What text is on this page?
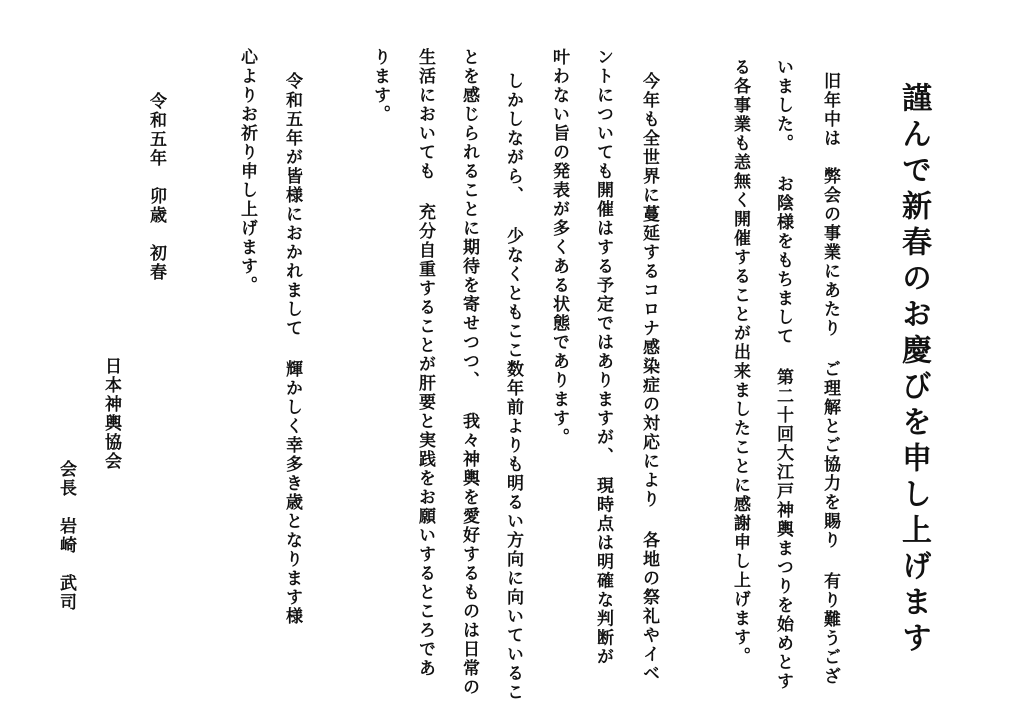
謹んで新春のお慶びを申し上げます

旧年中は　弊会の事業にあたり ご理解とご協力を賜り 有り難うござ

いました。 お陰様をもちまして 第二十回大江戸神輿まつりを始めとす

る各事業も恙無く開催することが出来ましたことに感謝申し上げます。

今年も全世界に蔓延するコロナ感染症の対応により 各地の祭礼やイベ

ントについても開催はする予定ではありますが、　現時点は明確な判断が

叶わない旨の発表が多くある状態であります。

しかしながら、 少なくともここ数年前よりも明るい方向に向いているこ

とを感じられることに期待を寄せつつ、 我々神輿を愛好するものは日常の

生活においても 充分自重することが肝要と実践をお願いするところであ

ります。

令和五年が皆様におかれまして 輝かしく幸多き歳となります様

心よりお祈り申し上げます。

令和五年　卯歳　初春

日本神輿協会

会長　岩崎　武司
